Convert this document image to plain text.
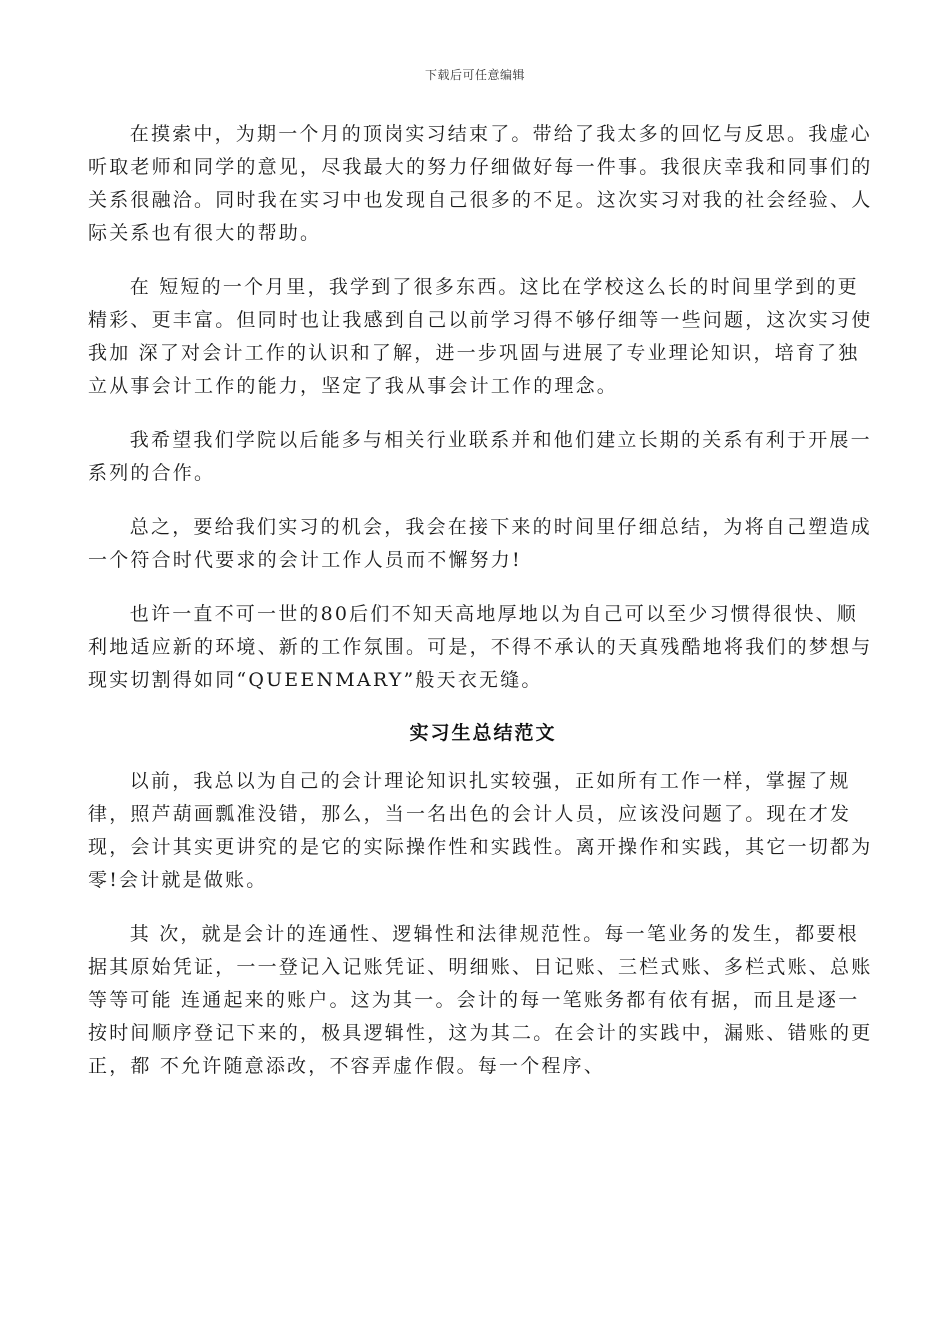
下载后可任意编辑

在摸索中，为期一个月的顶岗实习结束了。带给了我太多的回忆与反思。我虚心听取老师和同学的意见，尽我最大的努力仔细做好每一件事。我很庆幸我和同事们的关系很融洽。同时我在实习中也发现自己很多的不足。这次实习对我的社会经验、人际关系也有很大的帮助。

在 短短的一个月里，我学到了很多东西。这比在学校这么长的时间里学到的更精彩、更丰富。但同时也让我感到自己以前学习得不够仔细等一些问题，这次实习使我加 深了对会计工作的认识和了解，进一步巩固与进展了专业理论知识，培育了独立从事会计工作的能力，坚定了我从事会计工作的理念。

我希望我们学院以后能多与相关行业联系并和他们建立长期的关系有利于开展一系列的合作。

总之，要给我们实习的机会，我会在接下来的时间里仔细总结，为将自己塑造成一个符合时代要求的会计工作人员而不懈努力!

也许一直不可一世的80后们不知天高地厚地以为自己可以至少习惯得很快、顺利地适应新的环境、新的工作氛围。可是，不得不承认的天真残酷地将我们的梦想与现实切割得如同“QUEENMARY”般天衣无缝。

实习生总结范文

以前，我总以为自己的会计理论知识扎实较强，正如所有工作一样，掌握了规律，照芦葫画瓢准没错，那么，当一名出色的会计人员，应该没问题了。现在才发现，会计其实更讲究的是它的实际操作性和实践性。离开操作和实践，其它一切都为零!会计就是做账。

其 次，就是会计的连通性、逻辑性和法律规范性。每一笔业务的发生，都要根据其原始凭证，一一登记入记账凭证、明细账、日记账、三栏式账、多栏式账、总账等等可能 连通起来的账户。这为其一。会计的每一笔账务都有依有据，而且是逐一按时间顺序登记下来的，极具逻辑性，这为其二。在会计的实践中，漏账、错账的更正，都 不允许随意添改，不容弄虚作假。每一个程序、
